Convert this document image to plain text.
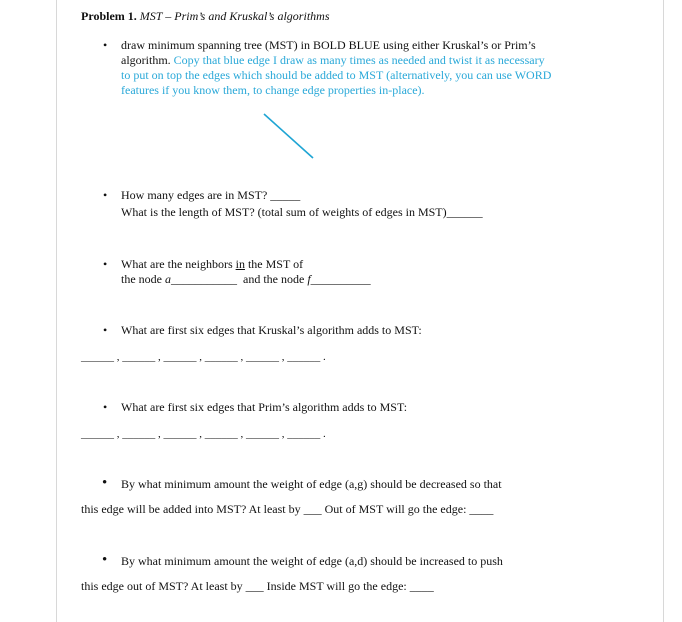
Problem 1. MST – Prim’s and Kruskal’s algorithms
• draw minimum spanning tree (MST) in BOLD BLUE using either Kruskal’s or Prim’s
algorithm. Copy that blue edge I draw as many times as needed and twist it as necessary
to put on top the edges which should be added to MST (alternatively, you can use WORD
features if you know them, to change edge properties in-place).
• How many edges are in MST? _____
What is the length of MST? (total sum of weights of edges in MST)______
• What are the neighbors in the MST of
the node a___________  and the node f__________
• What are first six edges that Kruskal’s algorithm adds to MST:
______ , ______ , ______ , ______ , ______ , ______ .
• What are first six edges that Prim’s algorithm adds to MST:
______ , ______ , ______ , ______ , ______ , ______ .
• By what minimum amount the weight of edge (a,g) should be decreased so that
this edge will be added into MST? At least by ___ Out of MST will go the edge: ____
• By what minimum amount the weight of edge (a,d) should be increased to push
this edge out of MST? At least by ___ Inside MST will go the edge: ____
